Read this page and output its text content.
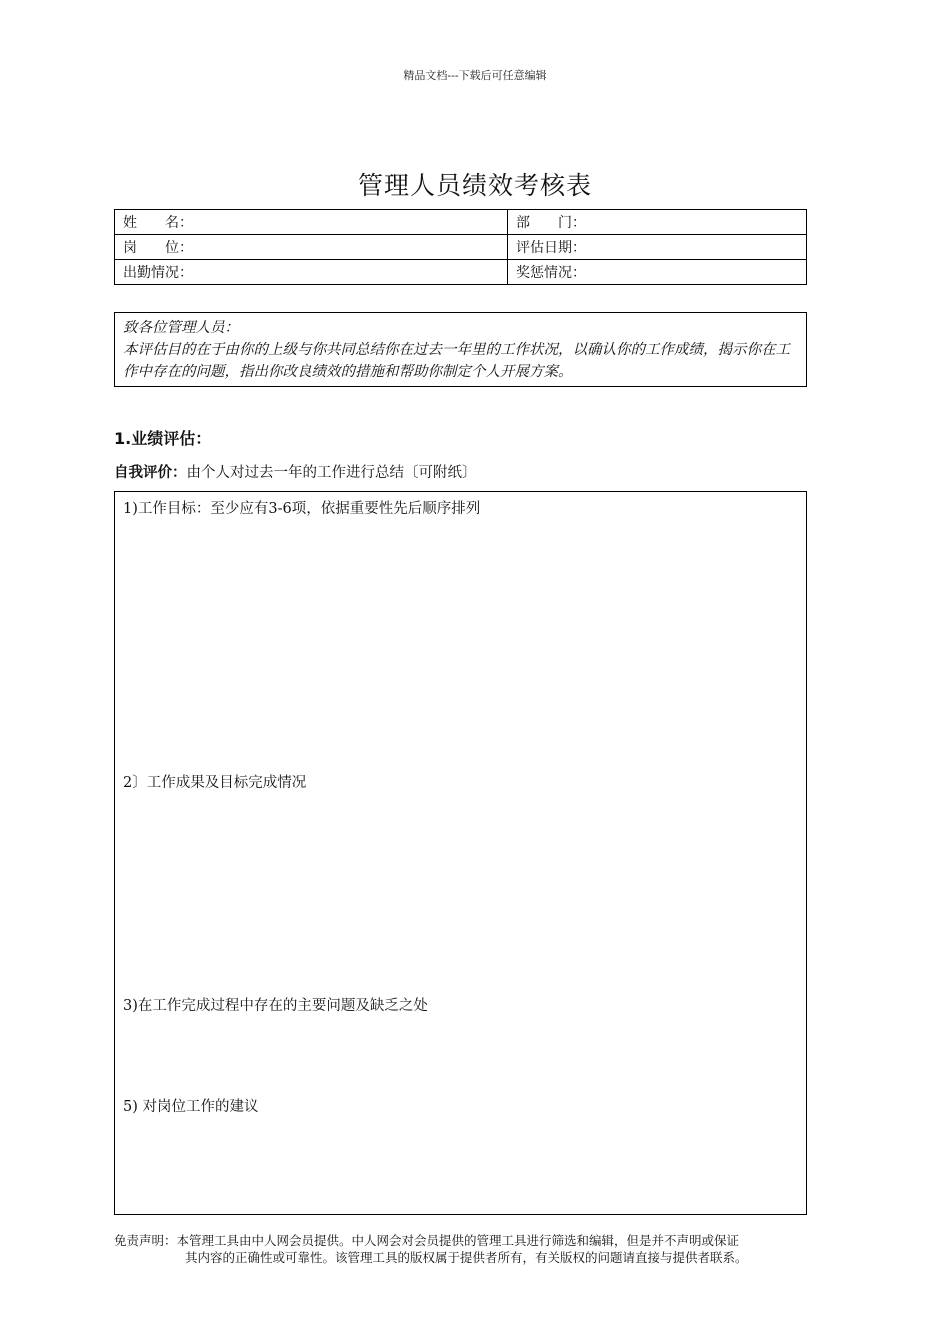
精品文档---下载后可任意编辑
管理人员绩效考核表
姓　　名：	部　　门：
岗　　位：	评估日期：
出勤情况：	奖惩情况：
致各位管理人员：
本评估目的在于由你的上级与你共同总结你在过去一年里的工作状况，以确认你的工作成绩，揭示你在工作中存在的问题，指出你改良绩效的措施和帮助你制定个人开展方案。
1.业绩评估：
自我评价：由个人对过去一年的工作进行总结〔可附纸〕
1)工作目标：至少应有3-6项，依据重要性先后顺序排列
2〕工作成果及目标完成情况
3)在工作完成过程中存在的主要问题及缺乏之处
5) 对岗位工作的建议
免责声明：本管理工具由中人网会员提供。中人网会对会员提供的管理工具进行筛选和编辑，但是并不声明或保证
其内容的正确性或可靠性。该管理工具的版权属于提供者所有，有关版权的问题请直接与提供者联系。
